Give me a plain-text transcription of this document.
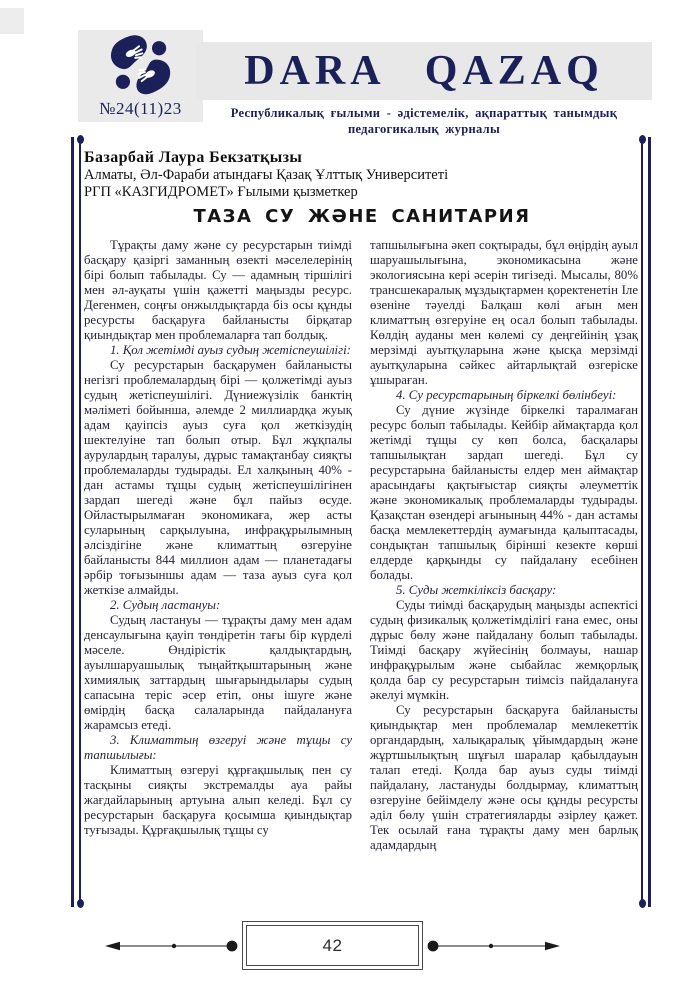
№24(11)23
DARA QAZAQ
Республикалық ғылыми - әдістемелік, ақпараттық танымдық педагогикалық журналы
Базарбай Лаура Бекзатқызы
Алматы, Әл-Фараби атындағы Қазақ Ұлттық Университеті
РГП «КАЗГИДРОМЕТ» Ғылыми қызметкер
ТАЗА СУ ЖӘНЕ САНИТАРИЯ

Тұрақты даму және су ресурстарын тиімді басқару қазіргі заманның өзекті мәселелерінің бірі болып табылады. Су — адамның тіршілігі мен әл-ауқаты үшін қажетті маңызды ресурс. Дегенмен, соңғы онжылдықтарда біз осы құнды ресурсты басқаруға байланысты бірқатар қиындықтар мен проблемаларға тап болдық.

1. Қол жетімді ауыз судың жетіспеушілігі:

Су ресурстарын басқарумен байланысты негізгі проблемалардың бірі — қолжетімді ауыз судың жетіспеушілігі. Дүниежүзілік банктің мәліметі бойынша, әлемде 2 миллиардқа жуық адам қауіпсіз ауыз суға қол жеткізудің шектелуіне тап болып отыр. Бұл жұқпалы аурулардың таралуы, дұрыс тамақтанбау сияқты проблемаларды тудырады. Ел халқының 40% - дан астамы тұщы судың жетіспеушілігінен зардап шегеді және бұл пайыз өсуде. Ойластырылмаған экономикаға, жер асты суларының сарқылуына, инфрақұрылымның әлсіздігіне және климаттың өзгеруіне байланысты 844 миллион адам — планетадағы әрбір тоғызыншы адам — таза ауыз суға қол жеткізе алмайды.

2. Судың ластануы:

Судың ластануы — тұрақты даму мен адам денсаулығына қауіп төндіретін тағы бір күрделі мәселе. Өндірістік қалдықтардың, ауылшаруашылық тыңайтқыштарының және химиялық заттардың шығарындылары судың сапасына теріс әсер етіп, оны ішуге және өмірдің басқа салаларында пайдалануға жарамсыз етеді.

3. Климаттың өзгеруі және тұщы су тапшылығы:

Климаттың өзгеруі құрғақшылық пен су тасқыны сияқты экстремалды ауа райы жағдайларының артуына алып келеді. Бұл су ресурстарын басқаруға қосымша қиындықтар туғызады. Құрғақшылық тұщы су

тапшылығына әкеп соқтырады, бұл өңірдің ауыл шаруашылығына, экономикасына және экологиясына кері әсерін тигізеді. Мысалы, 80% трансшекаралық мұздықтармен қоректенетін Іле өзеніне тәуелді Балқаш көлі ағын мен климаттың өзгеруіне ең осал болып табылады. Көлдің ауданы мен көлемі су деңгейінің ұзақ мерзімді ауытқуларына және қысқа мерзімді ауытқуларына сәйкес айтарлықтай өзгеріске ұшыраған.

4. Су ресурстарының біркелкі бөлінбеуі:

Су дүние жүзінде біркелкі таралмаған ресурс болып табылады. Кейбір аймақтарда қол жетімді тұщы су көп болса, басқалары тапшылықтан зардап шегеді. Бұл су ресурстарына байланысты елдер мен аймақтар арасындағы қақтығыстар сияқты әлеуметтік және экономикалық проблемаларды тудырады. Қазақстан өзендері ағынының 44% - дан астамы басқа мемлекеттердің аумағында қалыптасады, сондықтан тапшылық бірінші кезекте көрші елдерде қарқынды су пайдалану есебінен болады.

5. Суды жеткіліксіз басқару:

Суды тиімді басқарудың маңызды аспектісі судың физикалық қолжетімділігі ғана емес, оны дұрыс бөлу және пайдалану болып табылады. Тиімді басқару жүйесінің болмауы, нашар инфрақұрылым және сыбайлас жемқорлық қолда бар су ресурстарын тиімсіз пайдалануға әкелуі мүмкін.

Су ресурстарын басқаруға байланысты қиындықтар мен проблемалар мемлекеттік органдардың, халықаралық ұйымдардың және жұртшылықтың шұғыл шаралар қабылдауын талап етеді. Қолда бар ауыз суды тиімді пайдалану, ластануды болдырмау, климаттың өзгеруіне бейімделу және осы құнды ресурсты әділ бөлу үшін стратегияларды әзірлеу қажет. Тек осылай ғана тұрақты даму мен барлық адамдардың

42
